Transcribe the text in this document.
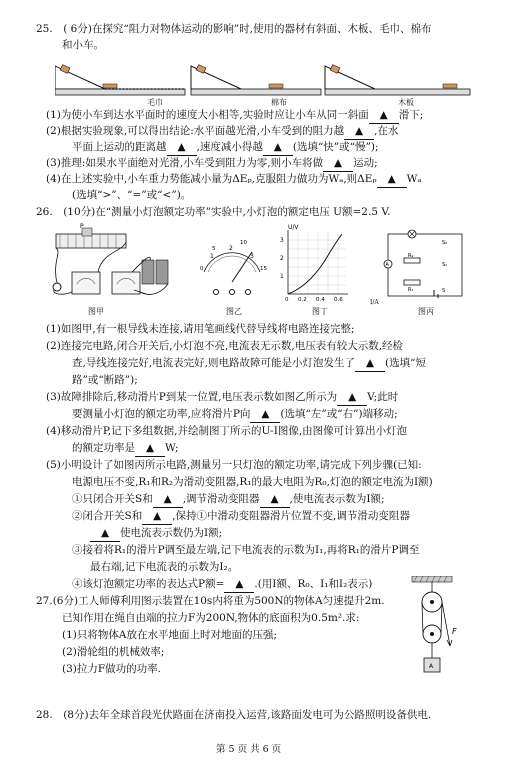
25.　( 6分)在探究“阻力对物体运动的影响”时,使用的器材有斜面、木板、毛巾、棉布
和小车。
毛巾	棉布	木板
(1)为使小车到达水平面时的速度大小相等,实验时应让小车从同一斜面 ▲ 滑下;
(2)根据实验现象,可以得出结论:水平面越光滑,小车受到的阻力越 ▲ ,在水
平面上运动的距离越 ▲ ,速度减小得越 ▲ (选填“快”或“慢”);
(3)推理:如果水平面绝对光滑,小车受到阻力为零,则小车将做 ▲ 运动;
(4)在上述实验中,小车重力势能减小量为ΔEₚ,克服阻力做功为Wₐ,则ΔEₚ ▲ Wₐ
(选填“>”、“=”或“<”)。
26.　(10分)在“测量小灯泡额定功率”实验中,小灯泡的额定电压 U额=2.5 V.
P
图甲
1
2
3
0
5
10
15
图乙
U/V
3
2
1
0 0.2 0.4 0.6	I/A
图丁
A
S₂
R₂
S₁
R₁	S
图丙
(1)如图甲,有一根导线未连接,请用笔画线代替导线将电路连接完整;
(2)连接完电路,闭合开关后,小灯泡不亮,电流表无示数,电压表有较大示数,经检
查,导线连接完好,电流表完好,则电路故障可能是小灯泡发生了 ▲ (选填“短
路”或“断路”);
(3)故障排除后,移动滑片P到某一位置,电压表示数如图乙所示为 ▲ V;此时
要测量小灯泡的额定功率,应将滑片P向 ▲ (选填“左”或“右”)端移动;
(4)移动滑片P,记下多组数据,并绘制图丁所示的U-I图像,由图像可计算出小灯泡
的额定功率是 ▲ W;
(5)小明设计了如图丙所示电路,测量另一只灯泡的额定功率,请完成下列步骤(已知:
电源电压不变,R₁和R₂为滑动变阻器,R₁的最大电阻为R₀,灯泡的额定电流为I额)
①只闭合开关S和 ▲ ,调节滑动变阻器 ▲ ,使电流表示数为I额;
②闭合开关S和 ▲ ,保持①中滑动变阻器滑片位置不变,调节滑动变阻器
▲ 使电流表示数仍为I额;
③接着将R₁的滑片P调至最左端,记下电流表的示数为I₁,再将R₁的滑片P调至
最右端,记下电流表的示数为I₂。
④该灯泡额定功率的表达式P额= ▲ .(用I额、R₀、I₁和I₂表示)
27.(6分)工人师傅利用图示装置在10s内将重为500N的物体A匀速提升2m.
已知作用在绳自由端的拉力F为200N,物体的底面积为0.5m².求:
(1)只将物体A放在水平地面上时对地面的压强;
(2)滑轮组的机械效率;
(3)拉力F做功的功率.
F
A
28.　(8分)去年全球首段光伏路面在济南投入运营,该路面发电可为公路照明设备供电.
第 5 页 共 6 页
